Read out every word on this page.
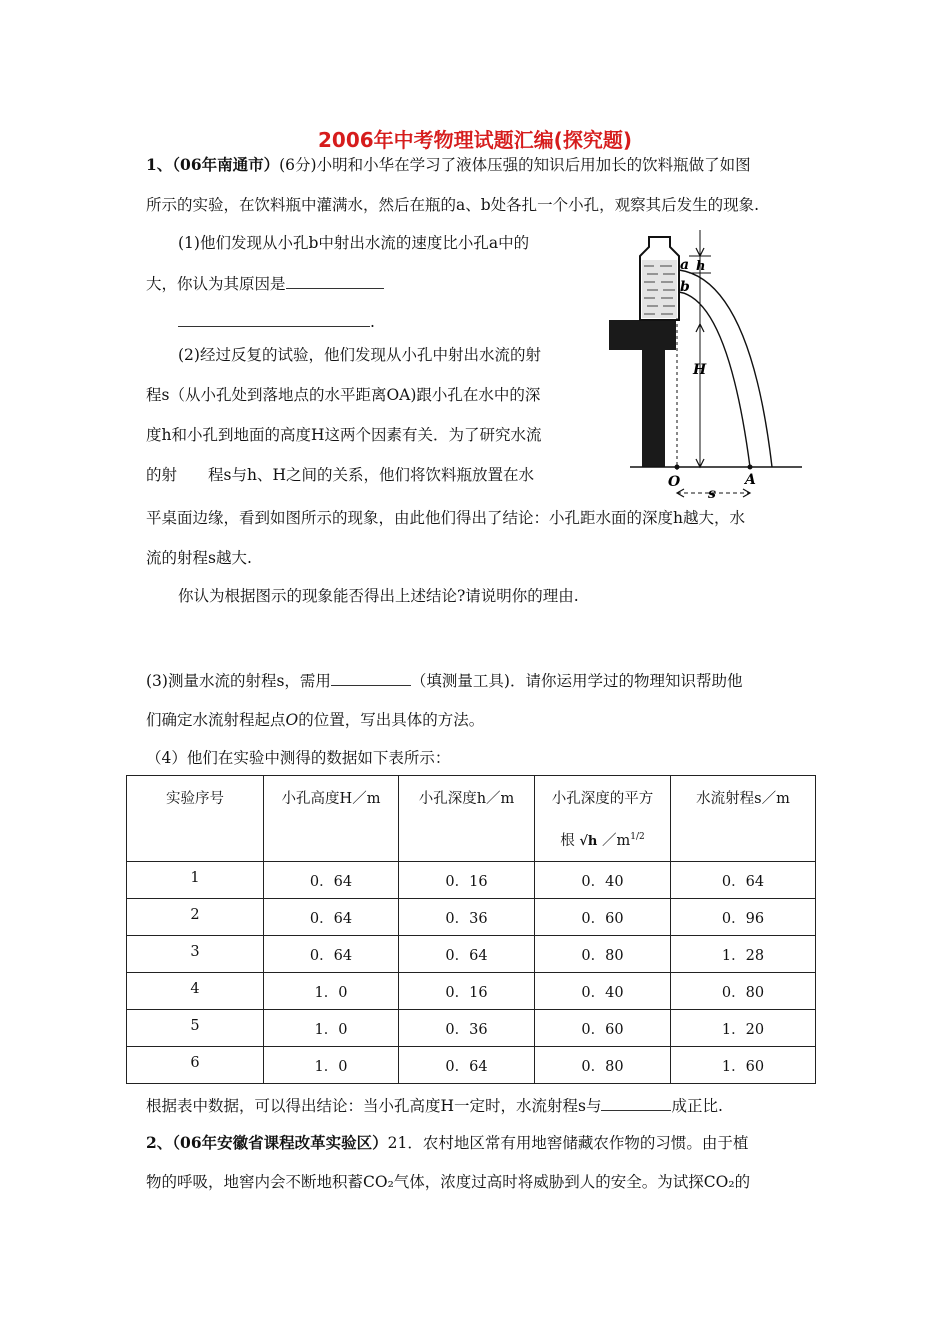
2006年中考物理试题汇编(探究题)
1、（06年南通市）(6分)小明和小华在学习了液体压强的知识后用加长的饮料瓶做了如图
所示的实验，在饮料瓶中灌满水，然后在瓶的a、b处各扎一个小孔，观察其后发生的现象.
(1)他们发现从小孔b中射出水流的速度比小孔a中的
大，你认为其原因是
.
(2)经过反复的试验，他们发现从小孔中射出水流的射
程s（从小孔处到落地点的水平距离OA)跟小孔在水中的深
度h和小孔到地面的高度H这两个因素有关．为了研究水流
的射　　程s与h、H之间的关系，他们将饮料瓶放置在水
平桌面边缘，看到如图所示的现象，由此他们得出了结论：小孔距水面的深度h越大，水
流的射程s越大.
你认为根据图示的现象能否得出上述结论?请说明你的理由.
(3)测量水流的射程s，需用	（填测量工具)．请你运用学过的物理知识帮助他
们确定水流射程起点O的位置，写出具体的方法。
（4）他们在实验中测得的数据如下表所示：
a
b
h
H
O	A
s
实验序号	小孔高度H／m	小孔深度h／m	小孔深度的平方
根 √h $/m^{1/2}$	水流射程s／m
1	0．64	0．16	0．40	0．64
2	0．64	0．36	0．60	0．96
3	0．64	0．64	0．80	1．28
4	1．0	0．16	0．40	0．80
5	1．0	0．36	0．60	1．20
6	1．0	0．64	0．80	1．60
根据表中数据，可以得出结论：当小孔高度H一定时，水流射程s与	成正比.
2、（06年安徽省课程改革实验区）21．农村地区常有用地窖储藏农作物的习惯。由于植
物的呼吸，地窖内会不断地积蓄CO₂气体，浓度过高时将威胁到人的安全。为试探CO₂的
